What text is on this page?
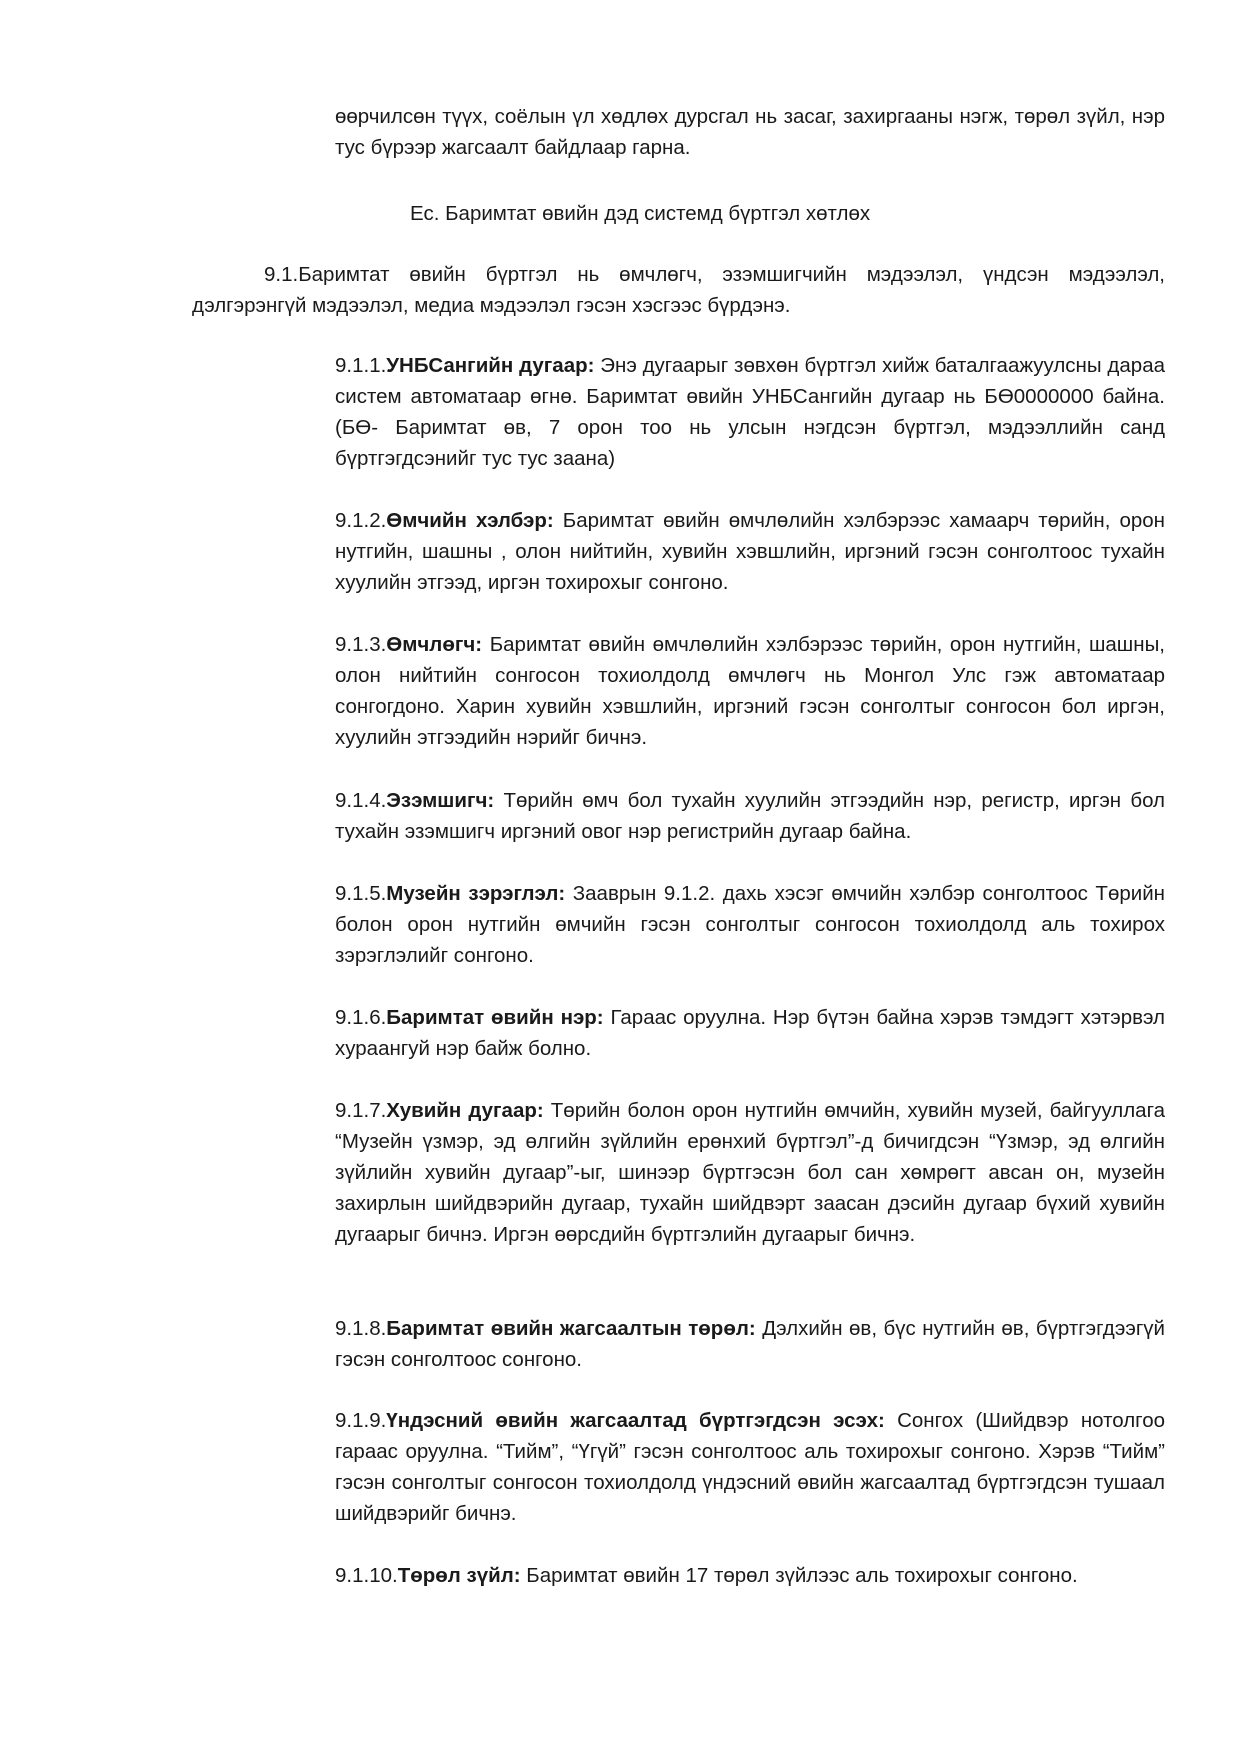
өөрчилсөн түүх, соёлын үл хөдлөх дурсгал нь засаг, захиргааны нэгж, төрөл зүйл, нэр тус бүрээр жагсаалт байдлаар гарна.

Ес. Баримтат өвийн дэд системд бүртгэл хөтлөх

9.1.Баримтат өвийн бүртгэл нь өмчлөгч, эзэмшигчийн мэдээлэл, үндсэн мэдээлэл, дэлгэрэнгүй мэдээлэл, медиа мэдээлэл гэсэн хэсгээс бүрдэнэ.

9.1.1.УНБСангийн дугаар: Энэ дугаарыг зөвхөн бүртгэл хийж баталгаажуулсны дараа систем автоматаар өгнө. Баримтат өвийн УНБСангийн дугаар нь БӨ0000000 байна.(БӨ- Баримтат өв, 7 орон тоо нь улсын нэгдсэн бүртгэл, мэдээллийн санд бүртгэгдсэнийг тус тус заана)

9.1.2.Өмчийн хэлбэр: Баримтат өвийн өмчлөлийн хэлбэрээс хамаарч төрийн, орон нутгийн, шашны , олон нийтийн, хувийн хэвшлийн, иргэний гэсэн сонголтоос тухайн хуулийн этгээд, иргэн тохирохыг сонгоно.

9.1.3.Өмчлөгч: Баримтат өвийн өмчлөлийн хэлбэрээс төрийн, орон нутгийн, шашны, олон нийтийн сонгосон тохиолдолд өмчлөгч нь Монгол Улс гэж автоматаар сонгогдоно. Харин хувийн хэвшлийн, иргэний гэсэн сонголтыг сонгосон бол иргэн, хуулийн этгээдийн нэрийг бичнэ.

9.1.4.Эзэмшигч: Төрийн өмч бол тухайн хуулийн этгээдийн нэр, регистр, иргэн бол тухайн эзэмшигч иргэний овог нэр регистрийн дугаар байна.

9.1.5.Музейн зэрэглэл: Зааврын 9.1.2. дахь хэсэг өмчийн хэлбэр сонголтоос Төрийн болон орон нутгийн өмчийн гэсэн сонголтыг сонгосон тохиолдолд аль тохирох зэрэглэлийг сонгоно.

9.1.6.Баримтат өвийн нэр: Гараас оруулна. Нэр бүтэн байна хэрэв тэмдэгт хэтэрвэл хураангуй нэр байж болно.

9.1.7.Хувийн дугаар: Төрийн болон орон нутгийн өмчийн, хувийн музей, байгууллага “Музейн үзмэр, эд өлгийн зүйлийн ерөнхий бүртгэл”-д бичигдсэн “Үзмэр, эд өлгийн зүйлийн хувийн дугаар”-ыг, шинээр бүртгэсэн бол сан хөмрөгт авсан он, музейн захирлын шийдвэрийн дугаар, тухайн шийдвэрт заасан дэсийн дугаар бүхий хувийн дугаарыг бичнэ. Иргэн өөрсдийн бүртгэлийн дугаарыг бичнэ.

9.1.8.Баримтат өвийн жагсаалтын төрөл: Дэлхийн өв, бүс нутгийн өв, бүртгэгдээгүй гэсэн сонголтоос сонгоно.

9.1.9.Үндэсний өвийн жагсаалтад бүртгэгдсэн эсэх: Сонгох (Шийдвэр нотолгоо гараас оруулна. “Тийм”, “Үгүй” гэсэн сонголтоос аль тохирохыг сонгоно. Хэрэв “Тийм” гэсэн сонголтыг сонгосон тохиолдолд үндэсний өвийн жагсаалтад бүртгэгдсэн тушаал шийдвэрийг бичнэ.

9.1.10.Төрөл зүйл: Баримтат өвийн 17 төрөл зүйлээс аль тохирохыг сонгоно.
